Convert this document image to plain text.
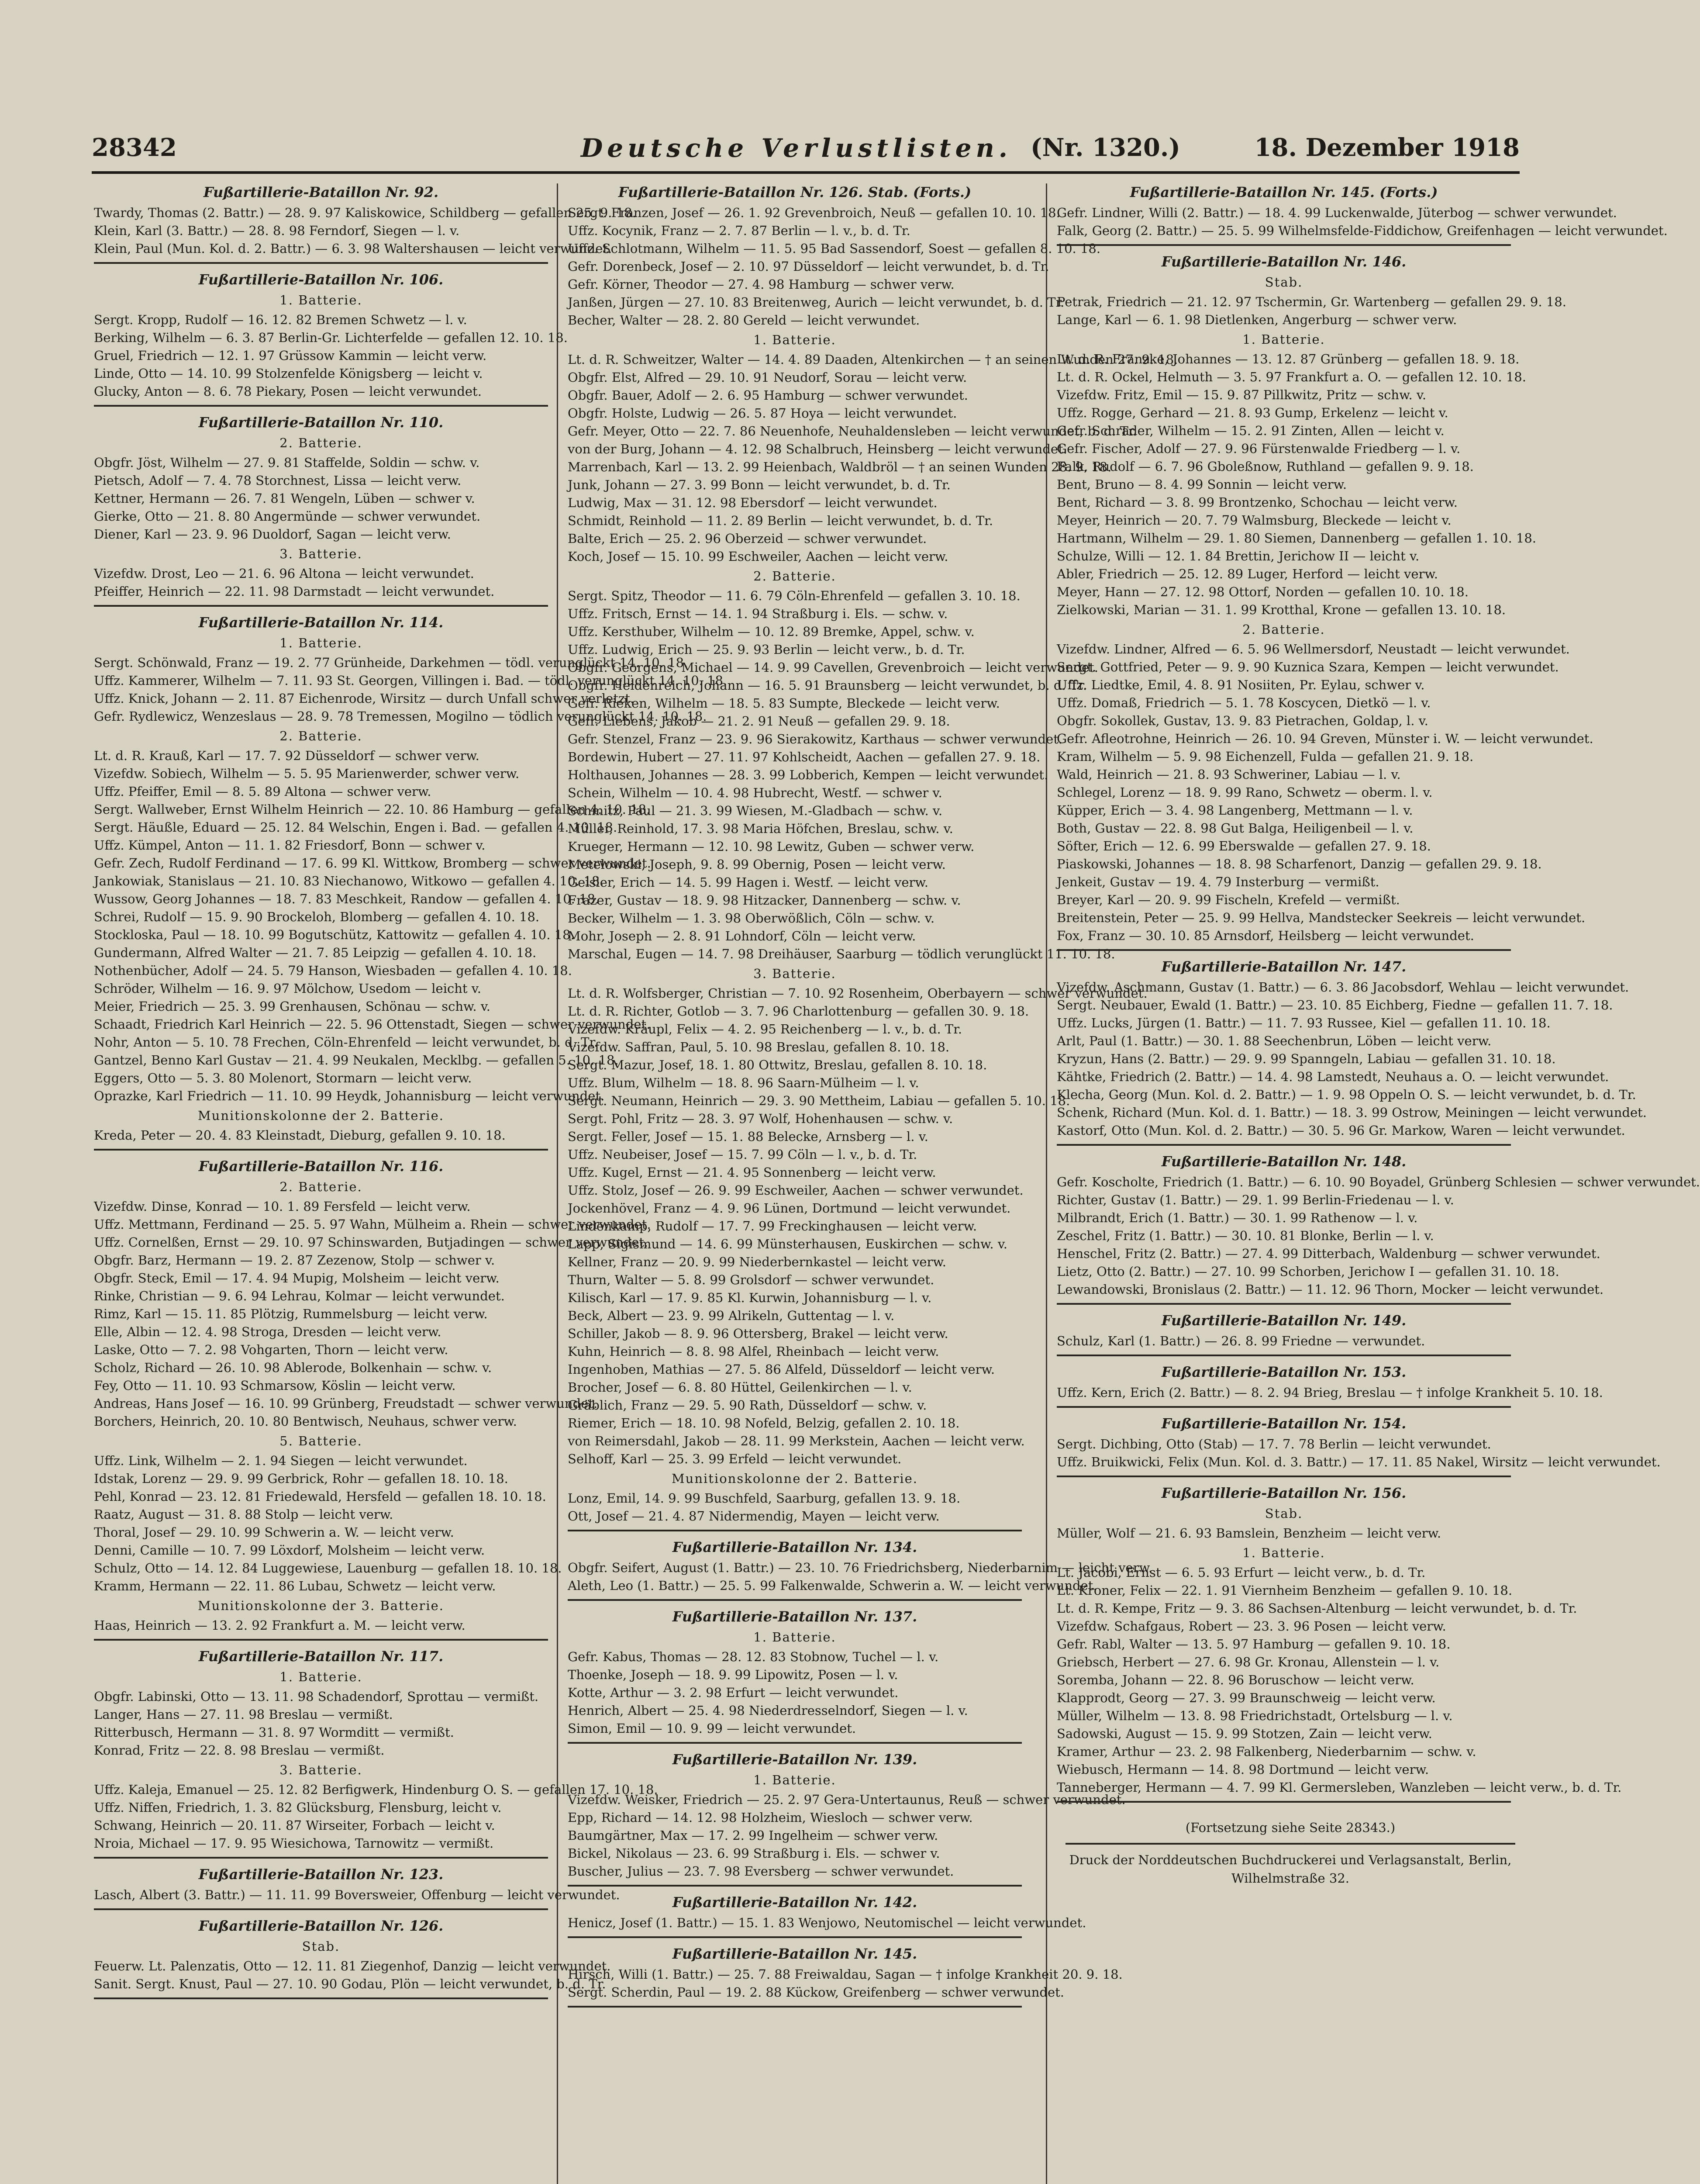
28342	Deutsche Verlustlisten. (Nr. 1320.)	18. Dezember 1918
Fußartillerie-Bataillon Nr. 92.
Twardy, Thomas (2. Battr.) — 28. 9. 97 Kaliskowice, Schildberg — gefallen 25. 9. 18.
Klein, Karl (3. Battr.) — 28. 8. 98 Ferndorf, Siegen — l. v.
Klein, Paul (Mun. Kol. d. 2. Battr.) — 6. 3. 98 Waltershausen — leicht verwundet.
Fußartillerie-Bataillon Nr. 106.
1. Batterie.
Sergt. Kropp, Rudolf — 16. 12. 82 Bremen Schwetz — l. v.
Berking, Wilhelm — 6. 3. 87 Berlin-Gr. Lichterfelde — gefallen 12. 10. 18.
Gruel, Friedrich — 12. 1. 97 Grüssow Kammin — leicht verw.
Linde, Otto — 14. 10. 99 Stolzenfelde Königsberg — leicht v.
Glucky, Anton — 8. 6. 78 Piekary, Posen — leicht verwundet.
Fußartillerie-Bataillon Nr. 110.
2. Batterie.
Obgfr. Jöst, Wilhelm — 27. 9. 81 Staffelde, Soldin — schw. v.
Pietsch, Adolf — 7. 4. 78 Storchnest, Lissa — leicht verw.
Kettner, Hermann — 26. 7. 81 Wengeln, Lüben — schwer v.
Gierke, Otto — 21. 8. 80 Angermünde — schwer verwundet.
Diener, Karl — 23. 9. 96 Duoldorf, Sagan — leicht verw.
3. Batterie.
Vizefdw. Drost, Leo — 21. 6. 96 Altona — leicht verwundet.
Pfeiffer, Heinrich — 22. 11. 98 Darmstadt — leicht verwundet.
Fußartillerie-Bataillon Nr. 114.
1. Batterie.
Sergt. Schönwald, Franz — 19. 2. 77 Grünheide, Darkehmen — tödl. verunglückt 14. 10. 18.
Uffz. Kammerer, Wilhelm — 7. 11. 93 St. Georgen, Villingen i. Bad. — tödl. verunglückt 14. 10. 18.
Uffz. Knick, Johann — 2. 11. 87 Eichenrode, Wirsitz — durch Unfall schwer verletzt.
Gefr. Rydlewicz, Wenzeslaus — 28. 9. 78 Tremessen, Mogilno — tödlich verunglückt 14. 10. 18.
2. Batterie.
Lt. d. R. Krauß, Karl — 17. 7. 92 Düsseldorf — schwer verw.
Vizefdw. Sobiech, Wilhelm — 5. 5. 95 Marienwerder, schwer verw.
Uffz. Pfeiffer, Emil — 8. 5. 89 Altona — schwer verw.
Sergt. Wallweber, Ernst Wilhelm Heinrich — 22. 10. 86 Hamburg — gefallen 4. 10. 18.
Sergt. Häußle, Eduard — 25. 12. 84 Welschin, Engen i. Bad. — gefallen 4. 10. 18.
Uffz. Kümpel, Anton — 11. 1. 82 Friesdorf, Bonn — schwer v.
Gefr. Zech, Rudolf Ferdinand — 17. 6. 99 Kl. Wittkow, Bromberg — schwer verwundet.
Jankowiak, Stanislaus — 21. 10. 83 Niechanowo, Witkowo — gefallen 4. 10. 18.
Wussow, Georg Johannes — 18. 7. 83 Meschkeit, Randow — gefallen 4. 10. 18.
Schrei, Rudolf — 15. 9. 90 Brockeloh, Blomberg — gefallen 4. 10. 18.
Stockloska, Paul — 18. 10. 99 Bogutschütz, Kattowitz — gefallen 4. 10. 18.
Gundermann, Alfred Walter — 21. 7. 85 Leipzig — gefallen 4. 10. 18.
Nothenbücher, Adolf — 24. 5. 79 Hanson, Wiesbaden — gefallen 4. 10. 18.
Schröder, Wilhelm — 16. 9. 97 Mölchow, Usedom — leicht v.
Meier, Friedrich — 25. 3. 99 Grenhausen, Schönau — schw. v.
Schaadt, Friedrich Karl Heinrich — 22. 5. 96 Ottenstadt, Siegen — schwer verwundet.
Nohr, Anton — 5. 10. 78 Frechen, Cöln-Ehrenfeld — leicht verwundet, b. d. Tr.
Gantzel, Benno Karl Gustav — 21. 4. 99 Neukalen, Mecklbg. — gefallen 5. 10. 18.
Eggers, Otto — 5. 3. 80 Molenort, Stormarn — leicht verw.
Oprazke, Karl Friedrich — 11. 10. 99 Heydk, Johannisburg — leicht verwundet.
Munitionskolonne der 2. Batterie.
Kreda, Peter — 20. 4. 83 Kleinstadt, Dieburg, gefallen 9. 10. 18.
Fußartillerie-Bataillon Nr. 116.
2. Batterie.
Vizefdw. Dinse, Konrad — 10. 1. 89 Fersfeld — leicht verw.
Uffz. Mettmann, Ferdinand — 25. 5. 97 Wahn, Mülheim a. Rhein — schwer verwundet.
Uffz. Cornelßen, Ernst — 29. 10. 97 Schinswarden, Butjadingen — schwer verwundet.
Obgfr. Barz, Hermann — 19. 2. 87 Zezenow, Stolp — schwer v.
Obgfr. Steck, Emil — 17. 4. 94 Mupig, Molsheim — leicht verw.
Rinke, Christian — 9. 6. 94 Lehrau, Kolmar — leicht verwundet.
Rimz, Karl — 15. 11. 85 Plötzig, Rummelsburg — leicht verw.
Elle, Albin — 12. 4. 98 Stroga, Dresden — leicht verw.
Laske, Otto — 7. 2. 98 Vohgarten, Thorn — leicht verw.
Scholz, Richard — 26. 10. 98 Ablerode, Bolkenhain — schw. v.
Fey, Otto — 11. 10. 93 Schmarsow, Köslin — leicht verw.
Andreas, Hans Josef — 16. 10. 99 Grünberg, Freudstadt — schwer verwundet.
Borchers, Heinrich, 20. 10. 80 Bentwisch, Neuhaus, schwer verw.
5. Batterie.
Uffz. Link, Wilhelm — 2. 1. 94 Siegen — leicht verwundet.
Idstak, Lorenz — 29. 9. 99 Gerbrick, Rohr — gefallen 18. 10. 18.
Pehl, Konrad — 23. 12. 81 Friedewald, Hersfeld — gefallen 18. 10. 18.
Raatz, August — 31. 8. 88 Stolp — leicht verw.
Thoral, Josef — 29. 10. 99 Schwerin a. W. — leicht verw.
Denni, Camille — 10. 7. 99 Löxdorf, Molsheim — leicht verw.
Schulz, Otto — 14. 12. 84 Luggewiese, Lauenburg — gefallen 18. 10. 18.
Kramm, Hermann — 22. 11. 86 Lubau, Schwetz — leicht verw.
Munitionskolonne der 3. Batterie.
Haas, Heinrich — 13. 2. 92 Frankfurt a. M. — leicht verw.
Fußartillerie-Bataillon Nr. 117.
1. Batterie.
Obgfr. Labinski, Otto — 13. 11. 98 Schadendorf, Sprottau — vermißt.
Langer, Hans — 27. 11. 98 Breslau — vermißt.
Ritterbusch, Hermann — 31. 8. 97 Wormditt — vermißt.
Konrad, Fritz — 22. 8. 98 Breslau — vermißt.
3. Batterie.
Uffz. Kaleja, Emanuel — 25. 12. 82 Berfigwerk, Hindenburg O. S. — gefallen 17. 10. 18.
Uffz. Niffen, Friedrich, 1. 3. 82 Glücksburg, Flensburg, leicht v.
Schwang, Heinrich — 20. 11. 87 Wirseiter, Forbach — leicht v.
Nroia, Michael — 17. 9. 95 Wiesichowa, Tarnowitz — vermißt.
Fußartillerie-Bataillon Nr. 123.
Lasch, Albert (3. Battr.) — 11. 11. 99 Boversweier, Offenburg — leicht verwundet.
Fußartillerie-Bataillon Nr. 126.
Stab.
Feuerw. Lt. Palenzatis, Otto — 12. 11. 81 Ziegenhof, Danzig — leicht verwundet.
Sanit. Sergt. Knust, Paul — 27. 10. 90 Godau, Plön — leicht verwundet, b. d. Tr.
Fußartillerie-Bataillon Nr. 126. Stab. (Forts.)
Sergt. Franzen, Josef — 26. 1. 92 Grevenbroich, Neuß — gefallen 10. 10. 18.
Uffz. Kocynik, Franz — 2. 7. 87 Berlin — l. v., b. d. Tr.
Uffz. Schlotmann, Wilhelm — 11. 5. 95 Bad Sassendorf, Soest — gefallen 8. 10. 18.
Gefr. Dorenbeck, Josef — 2. 10. 97 Düsseldorf — leicht verwundet, b. d. Tr.
Gefr. Körner, Theodor — 27. 4. 98 Hamburg — schwer verw.
Janßen, Jürgen — 27. 10. 83 Breitenweg, Aurich — leicht verwundet, b. d. Tr.
Becher, Walter — 28. 2. 80 Gereld — leicht verwundet.
1. Batterie.
Lt. d. R. Schweitzer, Walter — 14. 4. 89 Daaden, Altenkirchen — † an seinen Wunden 27. 9. 18.
Obgfr. Elst, Alfred — 29. 10. 91 Neudorf, Sorau — leicht verw.
Obgfr. Bauer, Adolf — 2. 6. 95 Hamburg — schwer verwundet.
Obgfr. Holste, Ludwig — 26. 5. 87 Hoya — leicht verwundet.
Gefr. Meyer, Otto — 22. 7. 86 Neuenhofe, Neuhaldensleben — leicht verwundet, b. d. Tr.
von der Burg, Johann — 4. 12. 98 Schalbruch, Heinsberg — leicht verwundet.
Marrenbach, Karl — 13. 2. 99 Heienbach, Waldbröl — † an seinen Wunden 28. 9. 18.
Junk, Johann — 27. 3. 99 Bonn — leicht verwundet, b. d. Tr.
Ludwig, Max — 31. 12. 98 Ebersdorf — leicht verwundet.
Schmidt, Reinhold — 11. 2. 89 Berlin — leicht verwundet, b. d. Tr.
Balte, Erich — 25. 2. 96 Oberzeid — schwer verwundet.
Koch, Josef — 15. 10. 99 Eschweiler, Aachen — leicht verw.
2. Batterie.
Sergt. Spitz, Theodor — 11. 6. 79 Cöln-Ehrenfeld — gefallen 3. 10. 18.
Uffz. Fritsch, Ernst — 14. 1. 94 Straßburg i. Els. — schw. v.
Uffz. Kersthuber, Wilhelm — 10. 12. 89 Bremke, Appel, schw. v.
Uffz. Ludwig, Erich — 25. 9. 93 Berlin — leicht verw., b. d. Tr.
Obgfr. Georgens, Michael — 14. 9. 99 Cavellen, Grevenbroich — leicht verwundet.
Obgfr. Heidenreich, Johann — 16. 5. 91 Braunsberg — leicht verwundet, b. d. Tr.
Gefr. Rieken, Wilhelm — 18. 5. 83 Sumpte, Bleckede — leicht verw.
Gefr. Liebens, Jakob — 21. 2. 91 Neuß — gefallen 29. 9. 18.
Gefr. Stenzel, Franz — 23. 9. 96 Sierakowitz, Karthaus — schwer verwundet.
Bordewin, Hubert — 27. 11. 97 Kohlscheidt, Aachen — gefallen 27. 9. 18.
Holthausen, Johannes — 28. 3. 99 Lobberich, Kempen — leicht verwundet.
Schein, Wilhelm — 10. 4. 98 Hubrecht, Westf. — schwer v.
Schmitz, Paul — 21. 3. 99 Wiesen, M.-Gladbach — schw. v.
Müller, Reinhold, 17. 3. 98 Maria Höfchen, Breslau, schw. v.
Krueger, Hermann — 12. 10. 98 Lewitz, Guben — schwer verw.
Metelowski, Joseph, 9. 8. 99 Obernig, Posen — leicht verw.
Geisler, Erich — 14. 5. 99 Hagen i. Westf. — leicht verw.
Frazer, Gustav — 18. 9. 98 Hitzacker, Dannenberg — schw. v.
Becker, Wilhelm — 1. 3. 98 Oberwößlich, Cöln — schw. v.
Mohr, Joseph — 2. 8. 91 Lohndorf, Cöln — leicht verw.
Marschal, Eugen — 14. 7. 98 Dreihäuser, Saarburg — tödlich verunglückt 11. 10. 18.
3. Batterie.
Lt. d. R. Wolfsberger, Christian — 7. 10. 92 Rosenheim, Oberbayern — schwer verwundet.
Lt. d. R. Richter, Gotlob — 3. 7. 96 Charlottenburg — gefallen 30. 9. 18.
Vizefdw. Kräupl, Felix — 4. 2. 95 Reichenberg — l. v., b. d. Tr.
Vizefdw. Saffran, Paul, 5. 10. 98 Breslau, gefallen 8. 10. 18.
Sergt. Mazur, Josef, 18. 1. 80 Ottwitz, Breslau, gefallen 8. 10. 18.
Uffz. Blum, Wilhelm — 18. 8. 96 Saarn-Mülheim — l. v.
Sergt. Neumann, Heinrich — 29. 3. 90 Mettheim, Labiau — gefallen 5. 10. 18.
Sergt. Pohl, Fritz — 28. 3. 97 Wolf, Hohenhausen — schw. v.
Sergt. Feller, Josef — 15. 1. 88 Belecke, Arnsberg — l. v.
Uffz. Neubeiser, Josef — 15. 7. 99 Cöln — l. v., b. d. Tr.
Uffz. Kugel, Ernst — 21. 4. 95 Sonnenberg — leicht verw.
Uffz. Stolz, Josef — 26. 9. 99 Eschweiler, Aachen — schwer verwundet.
Jockenhövel, Franz — 4. 9. 96 Lünen, Dortmund — leicht verwundet.
Lindenkamp, Rudolf — 17. 7. 99 Freckinghausen — leicht verw.
Lapp, Sigismund — 14. 6. 99 Münsterhausen, Euskirchen — schw. v.
Kellner, Franz — 20. 9. 99 Niederbernkastel — leicht verw.
Thurn, Walter — 5. 8. 99 Grolsdorf — schwer verwundet.
Kilisch, Karl — 17. 9. 85 Kl. Kurwin, Johannisburg — l. v.
Beck, Albert — 23. 9. 99 Alrikeln, Guttentag — l. v.
Schiller, Jakob — 8. 9. 96 Ottersberg, Brakel — leicht verw.
Kuhn, Heinrich — 8. 8. 98 Alfel, Rheinbach — leicht verw.
Ingenhoben, Mathias — 27. 5. 86 Alfeld, Düsseldorf — leicht verw.
Brocher, Josef — 6. 8. 80 Hüttel, Geilenkirchen — l. v.
Gräblich, Franz — 29. 5. 90 Rath, Düsseldorf — schw. v.
Riemer, Erich — 18. 10. 98 Nofeld, Belzig, gefallen 2. 10. 18.
von Reimersdahl, Jakob — 28. 11. 99 Merkstein, Aachen — leicht verw.
Selhoff, Karl — 25. 3. 99 Erfeld — leicht verwundet.
Munitionskolonne der 2. Batterie.
Lonz, Emil, 14. 9. 99 Buschfeld, Saarburg, gefallen 13. 9. 18.
Ott, Josef — 21. 4. 87 Nidermendig, Mayen — leicht verw.
Fußartillerie-Bataillon Nr. 134.
Obgfr. Seifert, August (1. Battr.) — 23. 10. 76 Friedrichsberg, Niederbarnim — leicht verw.
Aleth, Leo (1. Battr.) — 25. 5. 99 Falkenwalde, Schwerin a. W. — leicht verwundet.
Fußartillerie-Bataillon Nr. 137.
1. Batterie.
Gefr. Kabus, Thomas — 28. 12. 83 Stobnow, Tuchel — l. v.
Thoenke, Joseph — 18. 9. 99 Lipowitz, Posen — l. v.
Kotte, Arthur — 3. 2. 98 Erfurt — leicht verwundet.
Henrich, Albert — 25. 4. 98 Niederdresselndorf, Siegen — l. v.
Simon, Emil — 10. 9. 99 — leicht verwundet.
Fußartillerie-Bataillon Nr. 139.
1. Batterie.
Vizefdw. Weisker, Friedrich — 25. 2. 97 Gera-Untertaunus, Reuß — schwer verwundet.
Epp, Richard — 14. 12. 98 Holzheim, Wiesloch — schwer verw.
Baumgärtner, Max — 17. 2. 99 Ingelheim — schwer verw.
Bickel, Nikolaus — 23. 6. 99 Straßburg i. Els. — schwer v.
Buscher, Julius — 23. 7. 98 Eversberg — schwer verwundet.
Fußartillerie-Bataillon Nr. 142.
Henicz, Josef (1. Battr.) — 15. 1. 83 Wenjowo, Neutomischel — leicht verwundet.
Fußartillerie-Bataillon Nr. 145.
Hirsch, Willi (1. Battr.) — 25. 7. 88 Freiwaldau, Sagan — † infolge Krankheit 20. 9. 18.
Sergt. Scherdin, Paul — 19. 2. 88 Kückow, Greifenberg — schwer verwundet.
Fußartillerie-Bataillon Nr. 145. (Forts.)
Gefr. Lindner, Willi (2. Battr.) — 18. 4. 99 Luckenwalde, Jüterbog — schwer verwundet.
Falk, Georg (2. Battr.) — 25. 5. 99 Wilhelmsfelde-Fiddichow, Greifenhagen — leicht verwundet.
Fußartillerie-Bataillon Nr. 146.
Stab.
Petrak, Friedrich — 21. 12. 97 Tschermin, Gr. Wartenberg — gefallen 29. 9. 18.
Lange, Karl — 6. 1. 98 Dietlenken, Angerburg — schwer verw.
1. Batterie.
Lt. d. R. Franzke, Johannes — 13. 12. 87 Grünberg — gefallen 18. 9. 18.
Lt. d. R. Ockel, Helmuth — 3. 5. 97 Frankfurt a. O. — gefallen 12. 10. 18.
Vizefdw. Fritz, Emil — 15. 9. 87 Pillkwitz, Pritz — schw. v.
Uffz. Rogge, Gerhard — 21. 8. 93 Gump, Erkelenz — leicht v.
Gefr. Schrader, Wilhelm — 15. 2. 91 Zinten, Allen — leicht v.
Gefr. Fischer, Adolf — 27. 9. 96 Fürstenwalde Friedberg — l. v.
Falk, Rudolf — 6. 7. 96 Gboleßnow, Ruthland — gefallen 9. 9. 18.
Bent, Bruno — 8. 4. 99 Sonnin — leicht verw.
Bent, Richard — 3. 8. 99 Brontzenko, Schochau — leicht verw.
Meyer, Heinrich — 20. 7. 79 Walmsburg, Bleckede — leicht v.
Hartmann, Wilhelm — 29. 1. 80 Siemen, Dannenberg — gefallen 1. 10. 18.
Schulze, Willi — 12. 1. 84 Brettin, Jerichow II — leicht v.
Abler, Friedrich — 25. 12. 89 Luger, Herford — leicht verw.
Meyer, Hann — 27. 12. 98 Ottorf, Norden — gefallen 10. 10. 18.
Zielkowski, Marian — 31. 1. 99 Krotthal, Krone — gefallen 13. 10. 18.
2. Batterie.
Vizefdw. Lindner, Alfred — 6. 5. 96 Wellmersdorf, Neustadt — leicht verwundet.
Sergt. Gottfried, Peter — 9. 9. 90 Kuznica Szara, Kempen — leicht verwundet.
Uffz. Liedtke, Emil, 4. 8. 91 Nosiiten, Pr. Eylau, schwer v.
Uffz. Domaß, Friedrich — 5. 1. 78 Koscycen, Dietkö — l. v.
Obgfr. Sokollek, Gustav, 13. 9. 83 Pietrachen, Goldap, l. v.
Gefr. Afleotrohne, Heinrich — 26. 10. 94 Greven, Münster i. W. — leicht verwundet.
Kram, Wilhelm — 5. 9. 98 Eichenzell, Fulda — gefallen 21. 9. 18.
Wald, Heinrich — 21. 8. 93 Schweriner, Labiau — l. v.
Schlegel, Lorenz — 18. 9. 99 Rano, Schwetz — oberm. l. v.
Küpper, Erich — 3. 4. 98 Langenberg, Mettmann — l. v.
Both, Gustav — 22. 8. 98 Gut Balga, Heiligenbeil — l. v.
Söfter, Erich — 12. 6. 99 Eberswalde — gefallen 27. 9. 18.
Piaskowski, Johannes — 18. 8. 98 Scharfenort, Danzig — gefallen 29. 9. 18.
Jenkeit, Gustav — 19. 4. 79 Insterburg — vermißt.
Breyer, Karl — 20. 9. 99 Fischeln, Krefeld — vermißt.
Breitenstein, Peter — 25. 9. 99 Hellva, Mandstecker Seekreis — leicht verwundet.
Fox, Franz — 30. 10. 85 Arnsdorf, Heilsberg — leicht verwundet.
Fußartillerie-Bataillon Nr. 147.
Vizefdw. Aschmann, Gustav (1. Battr.) — 6. 3. 86 Jacobsdorf, Wehlau — leicht verwundet.
Sergt. Neubauer, Ewald (1. Battr.) — 23. 10. 85 Eichberg, Fiedne — gefallen 11. 7. 18.
Uffz. Lucks, Jürgen (1. Battr.) — 11. 7. 93 Russee, Kiel — gefallen 11. 10. 18.
Arlt, Paul (1. Battr.) — 30. 1. 88 Seechenbrun, Löben — leicht verw.
Kryzun, Hans (2. Battr.) — 29. 9. 99 Spanngeln, Labiau — gefallen 31. 10. 18.
Kähtke, Friedrich (2. Battr.) — 14. 4. 98 Lamstedt, Neuhaus a. O. — leicht verwundet.
Klecha, Georg (Mun. Kol. d. 2. Battr.) — 1. 9. 98 Oppeln O. S. — leicht verwundet, b. d. Tr.
Schenk, Richard (Mun. Kol. d. 1. Battr.) — 18. 3. 99 Ostrow, Meiningen — leicht verwundet.
Kastorf, Otto (Mun. Kol. d. 2. Battr.) — 30. 5. 96 Gr. Markow, Waren — leicht verwundet.
Fußartillerie-Bataillon Nr. 148.
Gefr. Koscholte, Friedrich (1. Battr.) — 6. 10. 90 Boyadel, Grünberg Schlesien — schwer verwundet.
Richter, Gustav (1. Battr.) — 29. 1. 99 Berlin-Friedenau — l. v.
Milbrandt, Erich (1. Battr.) — 30. 1. 99 Rathenow — l. v.
Zeschel, Fritz (1. Battr.) — 30. 10. 81 Blonke, Berlin — l. v.
Henschel, Fritz (2. Battr.) — 27. 4. 99 Ditterbach, Waldenburg — schwer verwundet.
Lietz, Otto (2. Battr.) — 27. 10. 99 Schorben, Jerichow I — gefallen 31. 10. 18.
Lewandowski, Bronislaus (2. Battr.) — 11. 12. 96 Thorn, Mocker — leicht verwundet.
Fußartillerie-Bataillon Nr. 149.
Schulz, Karl (1. Battr.) — 26. 8. 99 Friedne — verwundet.
Fußartillerie-Bataillon Nr. 153.
Uffz. Kern, Erich (2. Battr.) — 8. 2. 94 Brieg, Breslau — † infolge Krankheit 5. 10. 18.
Fußartillerie-Bataillon Nr. 154.
Sergt. Dichbing, Otto (Stab) — 17. 7. 78 Berlin — leicht verwundet.
Uffz. Bruikwicki, Felix (Mun. Kol. d. 3. Battr.) — 17. 11. 85 Nakel, Wirsitz — leicht verwundet.
Fußartillerie-Bataillon Nr. 156.
Stab.
Müller, Wolf — 21. 6. 93 Bamslein, Benzheim — leicht verw.
1. Batterie.
Lt. Jacobi, Ernst — 6. 5. 93 Erfurt — leicht verw., b. d. Tr.
Lt. Kroner, Felix — 22. 1. 91 Viernheim Benzheim — gefallen 9. 10. 18.
Lt. d. R. Kempe, Fritz — 9. 3. 86 Sachsen-Altenburg — leicht verwundet, b. d. Tr.
Vizefdw. Schafgaus, Robert — 23. 3. 96 Posen — leicht verw.
Gefr. Rabl, Walter — 13. 5. 97 Hamburg — gefallen 9. 10. 18.
Griebsch, Herbert — 27. 6. 98 Gr. Kronau, Allenstein — l. v.
Soremba, Johann — 22. 8. 96 Boruschow — leicht verw.
Klapprodt, Georg — 27. 3. 99 Braunschweig — leicht verw.
Müller, Wilhelm — 13. 8. 98 Friedrichstadt, Ortelsburg — l. v.
Sadowski, August — 15. 9. 99 Stotzen, Zain — leicht verw.
Kramer, Arthur — 23. 2. 98 Falkenberg, Niederbarnim — schw. v.
Wiebusch, Hermann — 14. 8. 98 Dortmund — leicht verw.
Tanneberger, Hermann — 4. 7. 99 Kl. Germersleben, Wanzleben — leicht verw., b. d. Tr.
(Fortsetzung siehe Seite 28343.)
Druck der Norddeutschen Buchdruckerei und Verlagsanstalt, Berlin, Wilhelmstraße 32.
